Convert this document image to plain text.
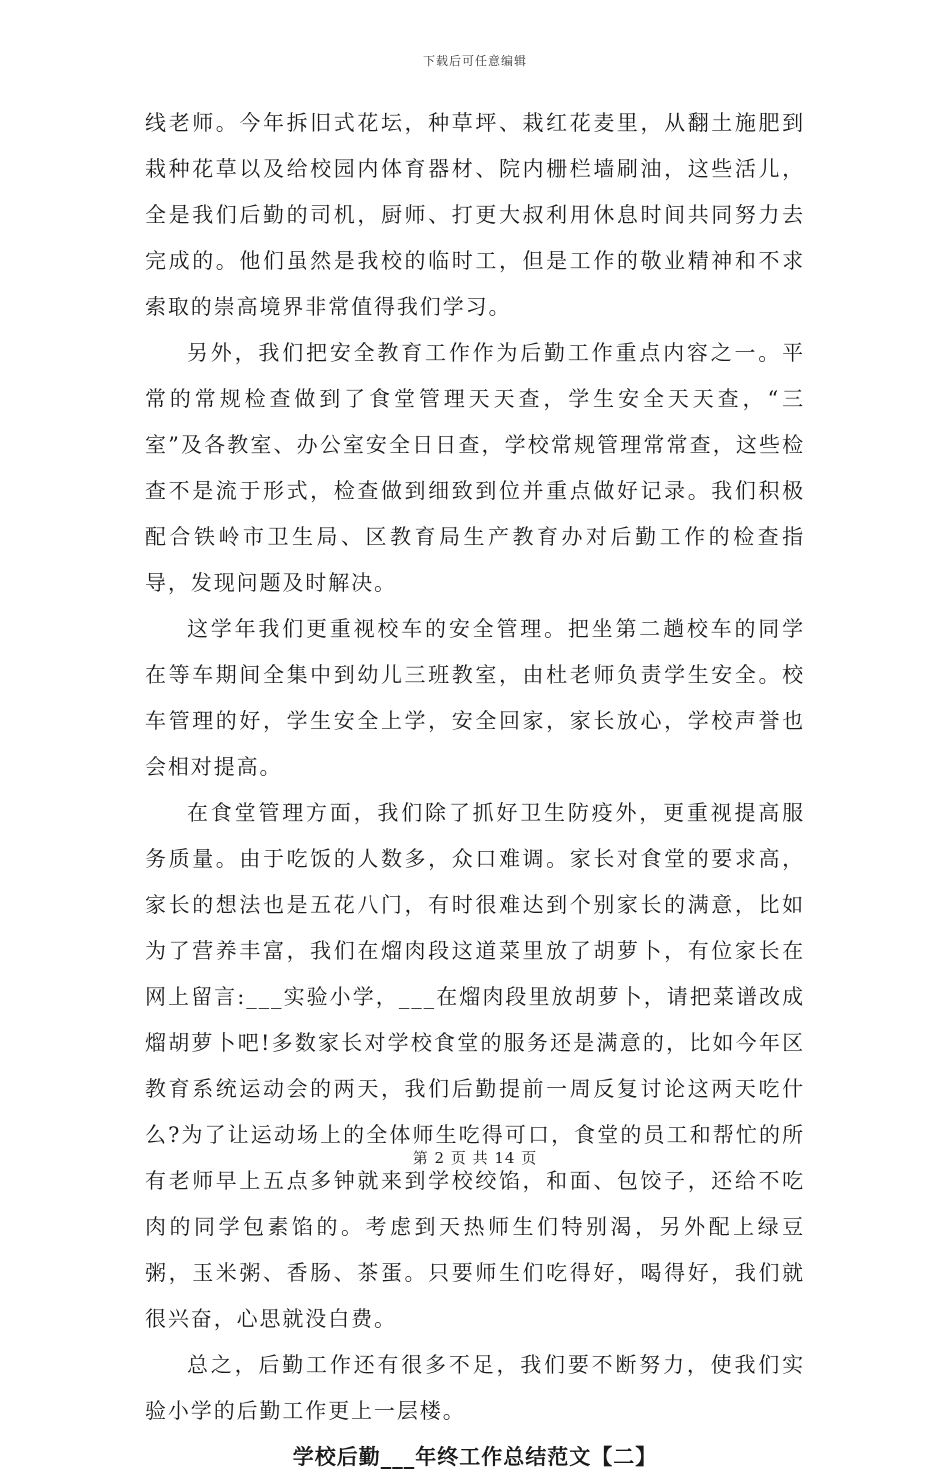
下载后可任意编辑

线老师。今年拆旧式花坛，种草坪、栽红花麦里，从翻土施肥到栽种花草以及给校园内体育器材、院内栅栏墙刷油，这些活儿，全是我们后勤的司机，厨师、打更大叔利用休息时间共同努力去完成的。他们虽然是我校的临时工，但是工作的敬业精神和不求索取的崇高境界非常值得我们学习。

另外，我们把安全教育工作作为后勤工作重点内容之一。平常的常规检查做到了食堂管理天天查，学生安全天天查，“三室”及各教室、办公室安全日日查，学校常规管理常常查，这些检查不是流于形式，检查做到细致到位并重点做好记录。我们积极配合铁岭市卫生局、区教育局生产教育办对后勤工作的检查指导，发现问题及时解决。

这学年我们更重视校车的安全管理。把坐第二趟校车的同学在等车期间全集中到幼儿三班教室，由杜老师负责学生安全。校车管理的好，学生安全上学，安全回家，家长放心，学校声誉也会相对提高。

在食堂管理方面，我们除了抓好卫生防疫外，更重视提高服务质量。由于吃饭的人数多，众口难调。家长对食堂的要求高，家长的想法也是五花八门，有时很难达到个别家长的满意，比如为了营养丰富，我们在熘肉段这道菜里放了胡萝卜，有位家长在网上留言:___实验小学，___在熘肉段里放胡萝卜，请把菜谱改成熘胡萝卜吧!多数家长对学校食堂的服务还是满意的，比如今年区教育系统运动会的两天，我们后勤提前一周反复讨论这两天吃什么?为了让运动场上的全体师生吃得可口，食堂的员工和帮忙的所有老师早上五点多钟就来到学校绞馅，和面、包饺子，还给不吃肉的同学包素馅的。考虑到天热师生们特别渴，另外配上绿豆粥，玉米粥、香肠、茶蛋。只要师生们吃得好，喝得好，我们就很兴奋，心思就没白费。

总之，后勤工作还有很多不足，我们要不断努力，使我们实验小学的后勤工作更上一层楼。

学校后勤___年终工作总结范文【二】

第 2 页 共 14 页
